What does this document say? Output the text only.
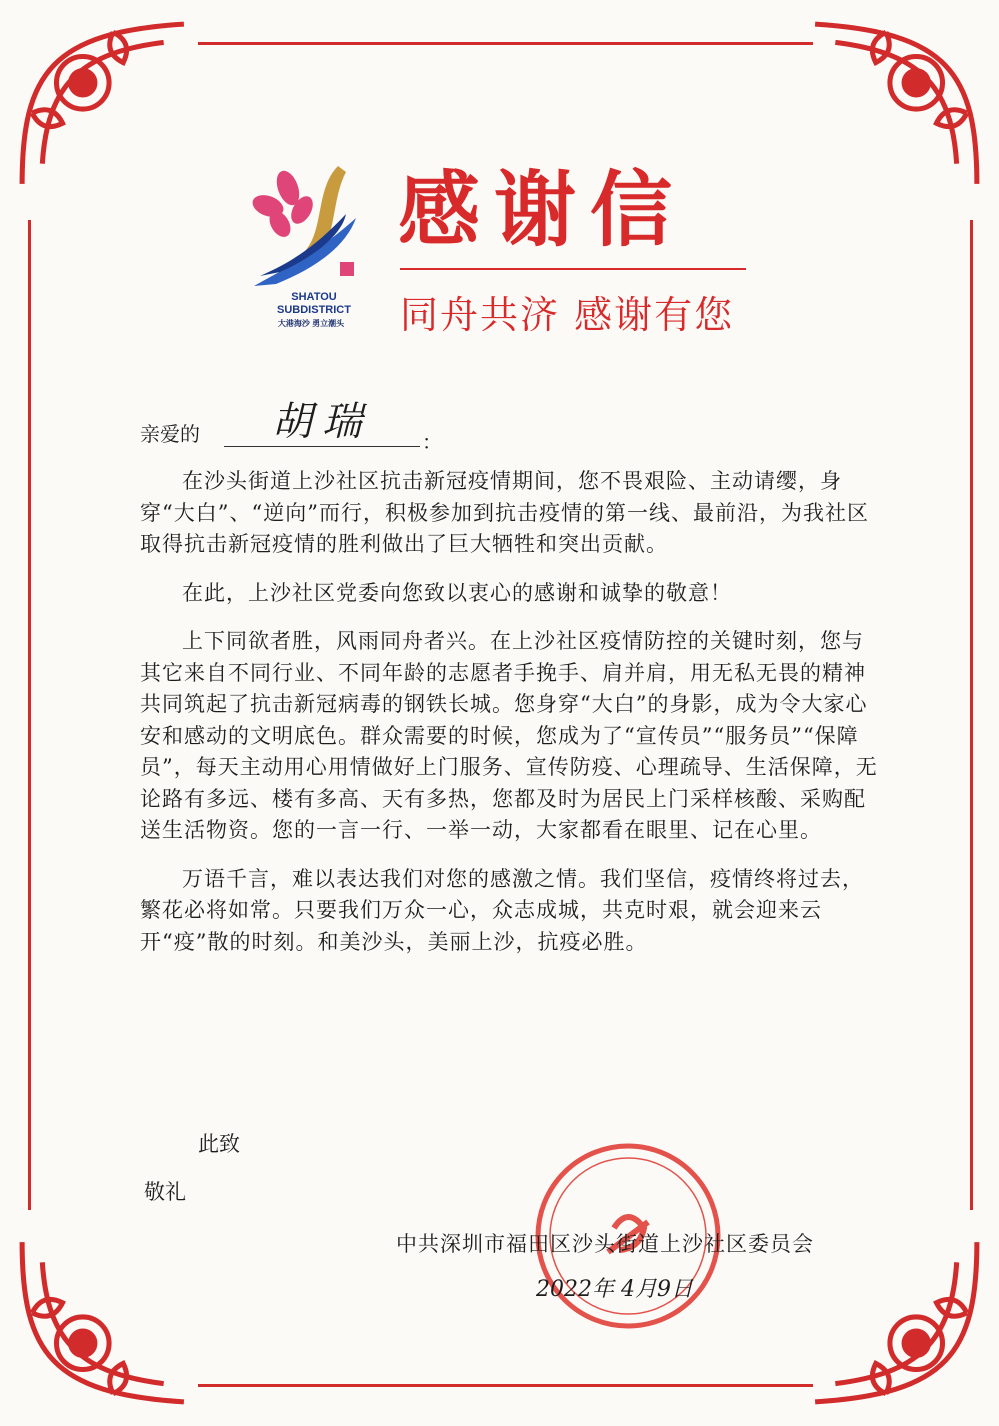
SHATOU
SUBDISTRICT
大港海沙 勇立潮头
感谢信
同舟共济 感谢有您
亲爱的	胡瑞	：

在沙头街道上沙社区抗击新冠疫情期间，您不畏艰险、主动请缨，身穿“大白”、“逆向”而行，积极参加到抗击疫情的第一线、最前沿，为我社区取得抗击新冠疫情的胜利做出了巨大牺牲和突出贡献。

在此，上沙社区党委向您致以衷心的感谢和诚挚的敬意！

上下同欲者胜，风雨同舟者兴。在上沙社区疫情防控的关键时刻，您与其它来自不同行业、不同年龄的志愿者手挽手、肩并肩，用无私无畏的精神共同筑起了抗击新冠病毒的钢铁长城。您身穿“大白”的身影，成为令大家心安和感动的文明底色。群众需要的时候，您成为了“宣传员”“服务员”“保障员”，每天主动用心用情做好上门服务、宣传防疫、心理疏导、生活保障，无论路有多远、楼有多高、天有多热，您都及时为居民上门采样核酸、采购配送生活物资。您的一言一行、一举一动，大家都看在眼里、记在心里。

万语千言，难以表达我们对您的感激之情。我们坚信，疫情终将过去，繁花必将如常。只要我们万众一心，众志成城，共克时艰，就会迎来云开“疫”散的时刻。和美沙头，美丽上沙，抗疫必胜。

此致
敬礼
中共深圳市福田区沙头街道上沙社区委员会
2022年 4月9日
